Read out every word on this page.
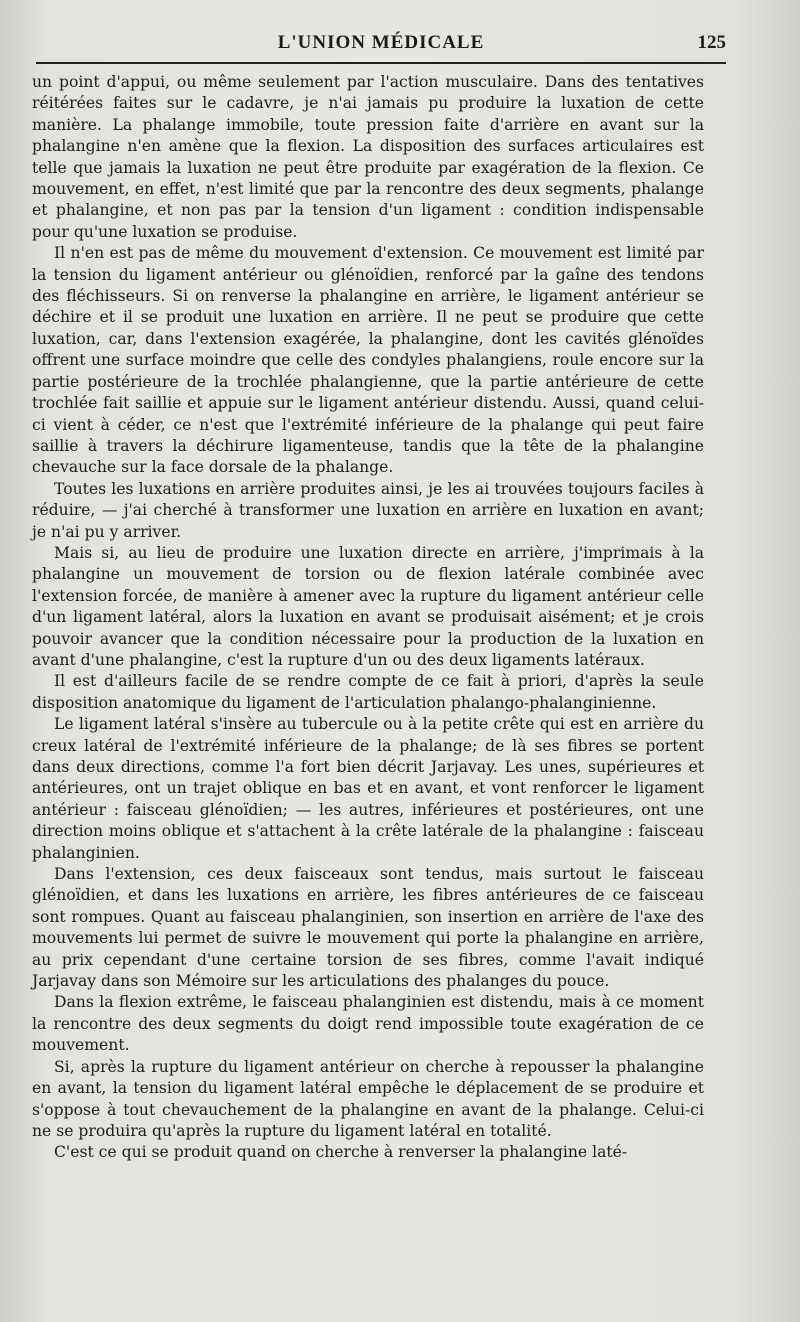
L'UNION MÉDICALE	125

un point d'appui, ou même seulement par l'action musculaire. Dans des tentatives réitérées faites sur le cadavre, je n'ai jamais pu produire la luxation de cette manière. La phalange immobile, toute pression faite d'arrière en avant sur la phalangine n'en amène que la flexion. La disposition des surfaces articulaires est telle que jamais la luxation ne peut être produite par exagération de la flexion. Ce mouvement, en effet, n'est limité que par la rencontre des deux segments, phalange et phalangine, et non pas par la tension d'un ligament : condition indispensable pour qu'une luxation se produise.

Il n'en est pas de même du mouvement d'extension. Ce mouvement est limité par la tension du ligament antérieur ou glénoïdien, renforcé par la gaîne des tendons des fléchisseurs. Si on renverse la phalangine en arrière, le ligament antérieur se déchire et il se produit une luxation en arrière. Il ne peut se produire que cette luxation, car, dans l'extension exagérée, la phalangine, dont les cavités glénoïdes offrent une surface moindre que celle des condyles phalangiens, roule encore sur la partie postérieure de la trochlée phalangienne, que la partie antérieure de cette trochlée fait saillie et appuie sur le ligament antérieur distendu. Aussi, quand celui-ci vient à céder, ce n'est que l'extrémité inférieure de la phalange qui peut faire saillie à travers la déchirure ligamenteuse, tandis que la tête de la phalangine chevauche sur la face dorsale de la phalange.

Toutes les luxations en arrière produites ainsi, je les ai trouvées toujours faciles à réduire, — j'ai cherché à transformer une luxation en arrière en luxation en avant; je n'ai pu y arriver.

Mais si, au lieu de produire une luxation directe en arrière, j'imprimais à la phalangine un mouvement de torsion ou de flexion latérale combinée avec l'extension forcée, de manière à amener avec la rupture du ligament antérieur celle d'un ligament latéral, alors la luxation en avant se produisait aisément; et je crois pouvoir avancer que la condition nécessaire pour la production de la luxation en avant d'une phalangine, c'est la rupture d'un ou des deux ligaments latéraux.

Il est d'ailleurs facile de se rendre compte de ce fait à priori, d'après la seule disposition anatomique du ligament de l'articulation phalango-phalanginienne.

Le ligament latéral s'insère au tubercule ou à la petite crête qui est en arrière du creux latéral de l'extrémité inférieure de la phalange; de là ses fibres se portent dans deux directions, comme l'a fort bien décrit Jarjavay. Les unes, supérieures et antérieures, ont un trajet oblique en bas et en avant, et vont renforcer le ligament antérieur : faisceau glénoïdien; — les autres, inférieures et postérieures, ont une direction moins oblique et s'attachent à la crête latérale de la phalangine : faisceau phalanginien.

Dans l'extension, ces deux faisceaux sont tendus, mais surtout le faisceau glénoïdien, et dans les luxations en arrière, les fibres antérieures de ce faisceau sont rompues. Quant au faisceau phalanginien, son insertion en arrière de l'axe des mouvements lui permet de suivre le mouvement qui porte la phalangine en arrière, au prix cependant d'une certaine torsion de ses fibres, comme l'avait indiqué Jarjavay dans son Mémoire sur les articulations des phalanges du pouce.

Dans la flexion extrême, le faisceau phalanginien est distendu, mais à ce moment la rencontre des deux segments du doigt rend impossible toute exagération de ce mouvement.

Si, après la rupture du ligament antérieur on cherche à repousser la phalangine en avant, la tension du ligament latéral empêche le déplacement de se produire et s'oppose à tout chevauchement de la phalangine en avant de la phalange. Celui-ci ne se produira qu'après la rupture du ligament latéral en totalité.

C'est ce qui se produit quand on cherche à renverser la phalangine laté-
